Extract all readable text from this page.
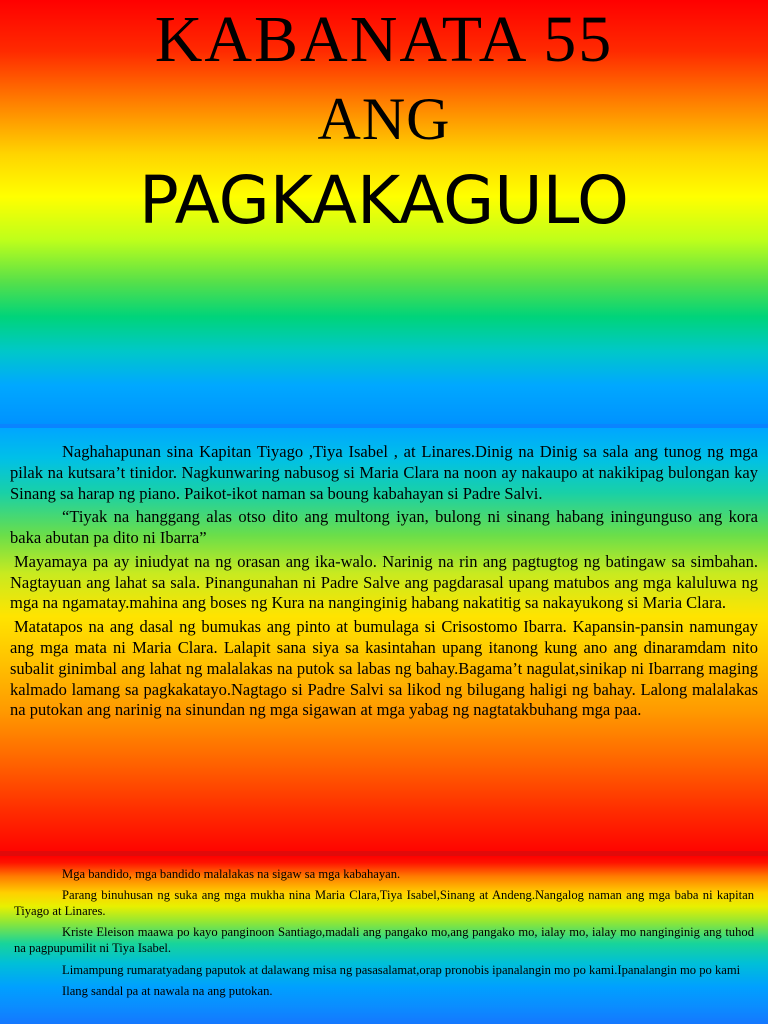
KABANATA 55
ANG
PAGKAKAGULO

Naghahapunan sina Kapitan Tiyago ,Tiya Isabel , at Linares.Dinig na Dinig sa sala ang tunog ng mga pilak na kutsara’t tinidor. Nagkunwaring nabusog si Maria Clara na noon ay nakaupo at nakikipag bulongan kay Sinang sa harap ng piano. Paikot-ikot naman sa boung kabahayan si Padre Salvi.

“Tiyak na hanggang alas otso dito ang multong iyan, bulong ni sinang habang iningunguso ang kora baka abutan pa dito ni Ibarra”

Mayamaya pa ay iniudyat na ng orasan ang ika-walo. Narinig na rin ang pagtugtog ng batingaw sa simbahan. Nagtayuan ang lahat sa sala. Pinangunahan ni Padre Salve ang pagdarasal upang matubos ang mga kaluluwa ng mga na ngamatay.mahina ang boses ng Kura na nanginginig habang nakatitig sa nakayukong si Maria Clara.

Matatapos na ang dasal ng bumukas ang pinto at bumulaga si Crisostomo Ibarra. Kapansin-pansin namungay ang mga mata ni Maria Clara. Lalapit sana siya sa kasintahan upang itanong kung ano ang dinaramdam nito subalit ginimbal ang lahat ng malalakas na putok sa labas ng bahay.Bagama’t nagulat,sinikap ni Ibarrang maging kalmado lamang sa pagkakatayo.Nagtago si Padre Salvi sa likod ng bilugang haligi ng bahay. Lalong malalakas na putokan ang narinig na sinundan ng mga sigawan at mga yabag ng nagtatakbuhang mga paa.

Mga bandido, mga bandido malalakas na sigaw sa mga kabahayan.

Parang binuhusan ng suka ang mga mukha nina Maria Clara,Tiya Isabel,Sinang at Andeng.Nangalog naman ang mga baba ni kapitan Tiyago at Linares.

Kriste Eleison maawa po kayo panginoon Santiago,madali ang pangako mo,ang pangako mo, ialay mo, ialay mo nanginginig ang tuhod na pagpupumilit ni Tiya Isabel.

Limampung rumaratyadang paputok at dalawang misa ng pasasalamat,orap pronobis ipanalangin mo po kami.Ipanalangin mo po kami

Ilang sandal pa at nawala na ang putokan.
